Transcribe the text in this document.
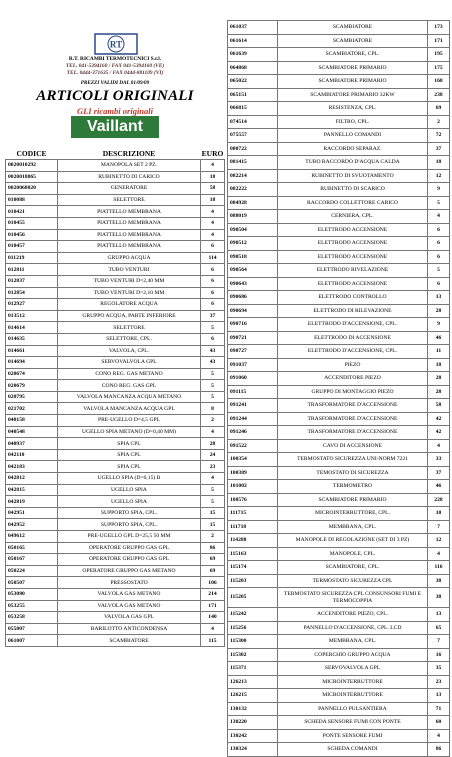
RT
R.T. RICAMBI TERMOTECNICI S.r.l.
TEL. 041-5394160 / FAX 041-5394160 (VE)
TEL. 0444-371635 / FAX 0444-881109 (VI)
PREZZI VALIDI DAL 01/09/09
ARTICOLI ORIGINALI
GLI ricambi originali
Vaillant
CODICE	DESCRIZIONE	EURO
0020010292	MANOPOLA SET 2 PZ.	4
0020018065	RUBINETTO DI CARICO	18
0020068020	GENERATORE	58
010088	SELETTORE	18
010421	PIATTELLO MEMBRANA	4
010455	PIATTELLO MEMBRANA	4
010456	PIATTELLO MEMBRANA	4
010457	PIATTELLO MEMBRANA	6
011219	GRUPPO ACQUA	114
012811	TUBO VENTURI	6
012837	TUBO VENTURI D=2,40 MM	6
012854	TUBO VENTURI D=2,10 MM	6
012927	REGOLATORE ACQUA	6
013512	GRUPPO ACQUA, PARTE INFERIORE	37
014614	SELETTORE	5
014635	SELETTORE, CPL.	6
014661	VALVOLA, CPL.	43
014694	SERVOVALVOLA GPL	43
020674	CONO REG. GAS METANO	5
020679	CONO REG. GAS GPL	5
020795	VALVOLA MANCANZA ACQUA METANO	5
021702	VALVOLA MANCANZA ACQUA GPL	8
040158	PRE-UGELLO D=4,5 GPL	2
040548	UGELLO SPIA METANO (D=0,40 MM)	4
040937	SPIA CPL	28
042110	SPIA CPL	24
042183	SPIA CPL	23
042812	UGELLO SPIA (D=0,15) B	4
042815	UGELLO SPIA	5
042819	UGELLO SPIA	5
042951	SUPPORTO SPIA, CPL.	15
042952	SUPPORTO SPIA, CPL.	15
049612	PRE-UGELLO GPL D=25,5 50 MM	2
050165	OPERATORE GRUPPO GAS GPL	86
050167	OPERATORE GRUPPO GAS GPL	69
050224	OPERATORE GRUPPO GAS METANO	69
050507	PRESSOSTATO	106
053080	VALVOLA GAS METANO	214
053255	VALVOLA GAS METANO	171
053258	VALVOLA GAS GPL	140
055007	BARILOTTO ANTICONDENSA	4
061007	SCAMBIATORE	115
061037	SCAMBIATORE	173
061614	SCAMBIATORE	171
061639	SCAMBIATORE, CPL.	195
064868	SCAMBIATORE PRIMARIO	175
065022	SCAMBIATORE PRIMARIO	168
065151	SCAMBIATORE PRIMARIO 32KW	238
066815	RESISTENZA, CPL.	69
074514	FILTRO, CPL.	2
075557	PANNELLO COMANDI	72
080722	RACCORDO SEPARAZ.	37
081415	TUBO RACCORDO D'ACQUA CALDA	18
082214	RUBINETTO DI SVUOTAMENTO	12
082222	RUBINETTO DI SCARICO	9
084928	RACCORDO COLLETTORE CARICO	5
088019	CERNIERA, CPL.	4
090504	ELETTRODO ACCENSIONE	6
090512	ELETTRODO ACCENSIONE	6
090518	ELETTRODO ACCENSIONE	6
090564	ELETTRODO RIVELAZIONE	5
090643	ELETTRODO ACCENSIONE	6
090686	ELETTRODO CONTROLLO	13
090694	ELETTRODO DI RILEVAZIONE	28
090716	ELETTRODO D'ACCENSIONE, CPL.	9
090721	ELETTRODO DI ACCENSIONE	46
090727	ELETTRODO D'ACCENSIONE, CPL.	11
091037	PIEZO	18
091060	ACCENDITORE PIEZO	28
091115	GRUPPO DI MONTAGGIO PIEZO	28
091241	TRASFORMATORE D'ACCENSIONE	58
091244	TRASFORMATORE D'ACCENSIONE	42
091246	TRASFORMATORE D'ACCENSIONE	42
091522	CAVO DI ACCENSIONE	4
100354	TERMOSTATO SICUREZZA UNI-NORM 7221	33
100389	TEMOSTATO DI SICUREZZA	37
101002	TERMOMETRO	46
108576	SCAMBIATORE PRIMARIO	228
111715	MICROINTERRUTTORE, CPL.	10
111718	MEMBRANA, CPL.	7
114288	MANOPOLE DI REGOLAZIONE (SET DI 3 PZ)	12
115163	MANOPOLE, CPL.	4
115174	SCAMBIATORE, CPL.	116
115203	TERMOSTATO SICUREZZA CPL	38
115205	TERMOSTATO SICUREZZA CPL CONSUNSORI FUMI E TERMOCOPPIA	38
115242	ACCENDITORE PIEZO, CPL.	13
115256	PANNELLO D'ACCENSIONE, CPL. LCD	65
115300	MEMBRANA, CPL.	7
115302	COPERCHIO GRUPPO ACQUA	16
115371	SERVOVALVOLA GPL	35
126213	MICROINTERRUTTORE	23
126215	MICROINTERRUTTORE	13
130132	PANNELLO PULSANTIERA	71
130220	SCHEDA SENSORE FUMI CON PONTE	60
130242	PONTE SENSORE FUMI	4
130324	SCHEDA COMANDI	86
